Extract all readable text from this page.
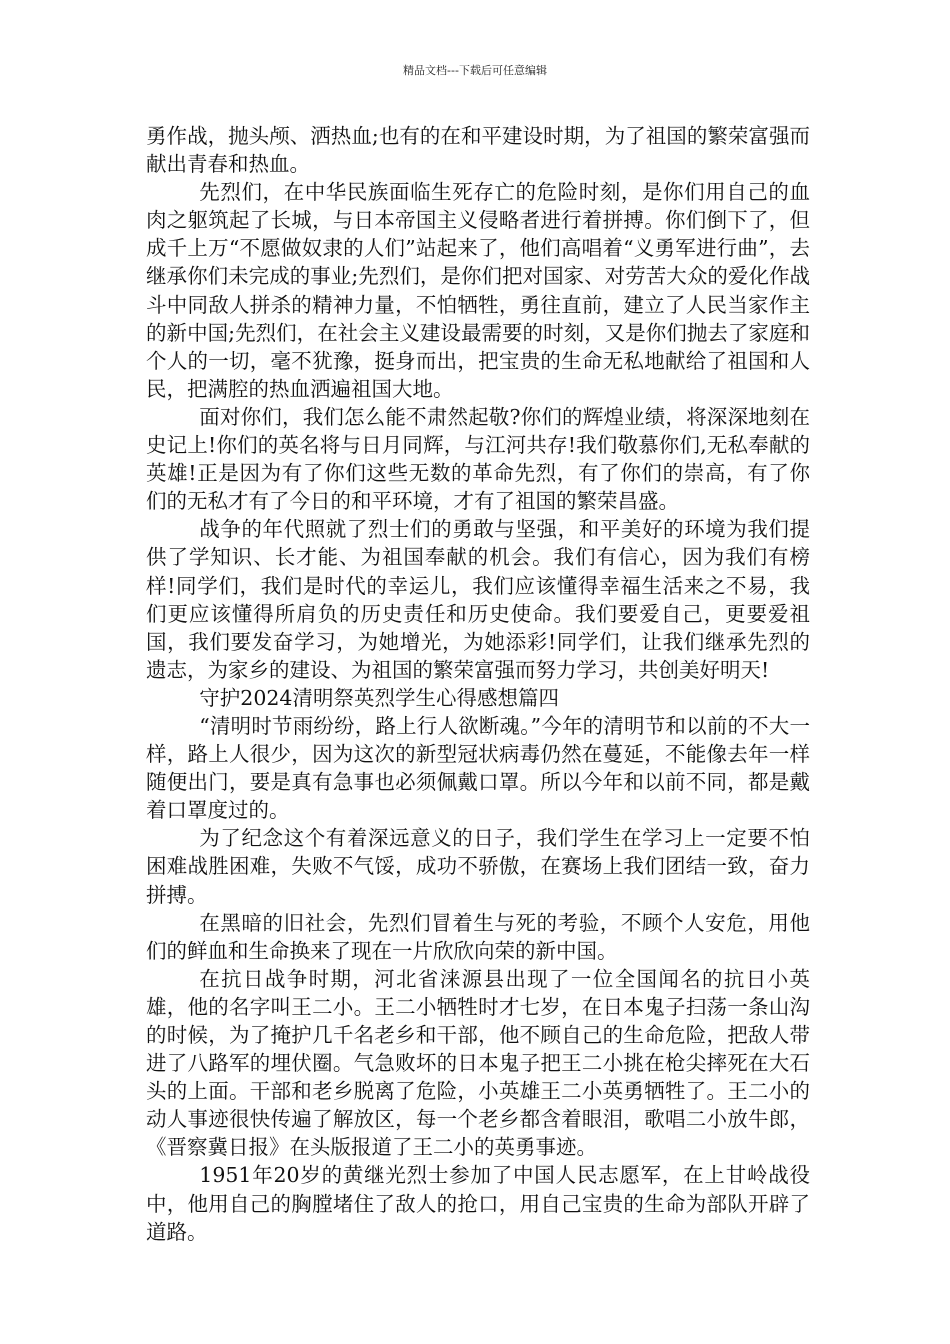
精品文档---下载后可任意编辑

勇作战，抛头颅、洒热血;也有的在和平建设时期，为了祖国的繁荣富强而献出青春和热血。

先烈们，在中华民族面临生死存亡的危险时刻，是你们用自己的血肉之躯筑起了长城，与日本帝国主义侵略者进行着拼搏。你们倒下了，但成千上万“不愿做奴隶的人们”站起来了，他们高唱着“义勇军进行曲”，去继承你们未完成的事业;先烈们，是你们把对国家、对劳苦大众的爱化作战斗中同敌人拼杀的精神力量，不怕牺牲，勇往直前，建立了人民当家作主的新中国;先烈们，在社会主义建设最需要的时刻，又是你们抛去了家庭和个人的一切，毫不犹豫，挺身而出，把宝贵的生命无私地献给了祖国和人民，把满腔的热血洒遍祖国大地。

面对你们，我们怎么能不肃然起敬?你们的辉煌业绩，将深深地刻在史记上!你们的英名将与日月同辉，与江河共存!我们敬慕你们,无私奉献的英雄!正是因为有了你们这些无数的革命先烈，有了你们的崇高，有了你们的无私才有了今日的和平环境，才有了祖国的繁荣昌盛。

战争的年代照就了烈士们的勇敢与坚强，和平美好的环境为我们提供了学知识、长才能、为祖国奉献的机会。我们有信心，因为我们有榜样!同学们，我们是时代的幸运儿，我们应该懂得幸福生活来之不易，我们更应该懂得所肩负的历史责任和历史使命。我们要爱自己，更要爱祖国，我们要发奋学习，为她增光，为她添彩!同学们，让我们继承先烈的遗志，为家乡的建设、为祖国的繁荣富强而努力学习，共创美好明天!

守护2024清明祭英烈学生心得感想篇四

“清明时节雨纷纷，路上行人欲断魂。”今年的清明节和以前的不大一样，路上人很少，因为这次的新型冠状病毒仍然在蔓延，不能像去年一样随便出门，要是真有急事也必须佩戴口罩。所以今年和以前不同，都是戴着口罩度过的。

为了纪念这个有着深远意义的日子，我们学生在学习上一定要不怕困难战胜困难，失败不气馁，成功不骄傲，在赛场上我们团结一致，奋力拼搏。

在黑暗的旧社会，先烈们冒着生与死的考验，不顾个人安危，用他们的鲜血和生命换来了现在一片欣欣向荣的新中国。

在抗日战争时期，河北省涞源县出现了一位全国闻名的抗日小英雄，他的名字叫王二小。王二小牺牲时才七岁，在日本鬼子扫荡一条山沟的时候，为了掩护几千名老乡和干部，他不顾自己的生命危险，把敌人带进了八路军的埋伏圈。气急败坏的日本鬼子把王二小挑在枪尖摔死在大石头的上面。干部和老乡脱离了危险，小英雄王二小英勇牺牲了。王二小的动人事迹很快传遍了解放区，每一个老乡都含着眼泪，歌唱二小放牛郎，《晋察冀日报》在头版报道了王二小的英勇事迹。

1951年20岁的黄继光烈士参加了中国人民志愿军，在上甘岭战役中，他用自己的胸膛堵住了敌人的抢口，用自己宝贵的生命为部队开辟了道路。
